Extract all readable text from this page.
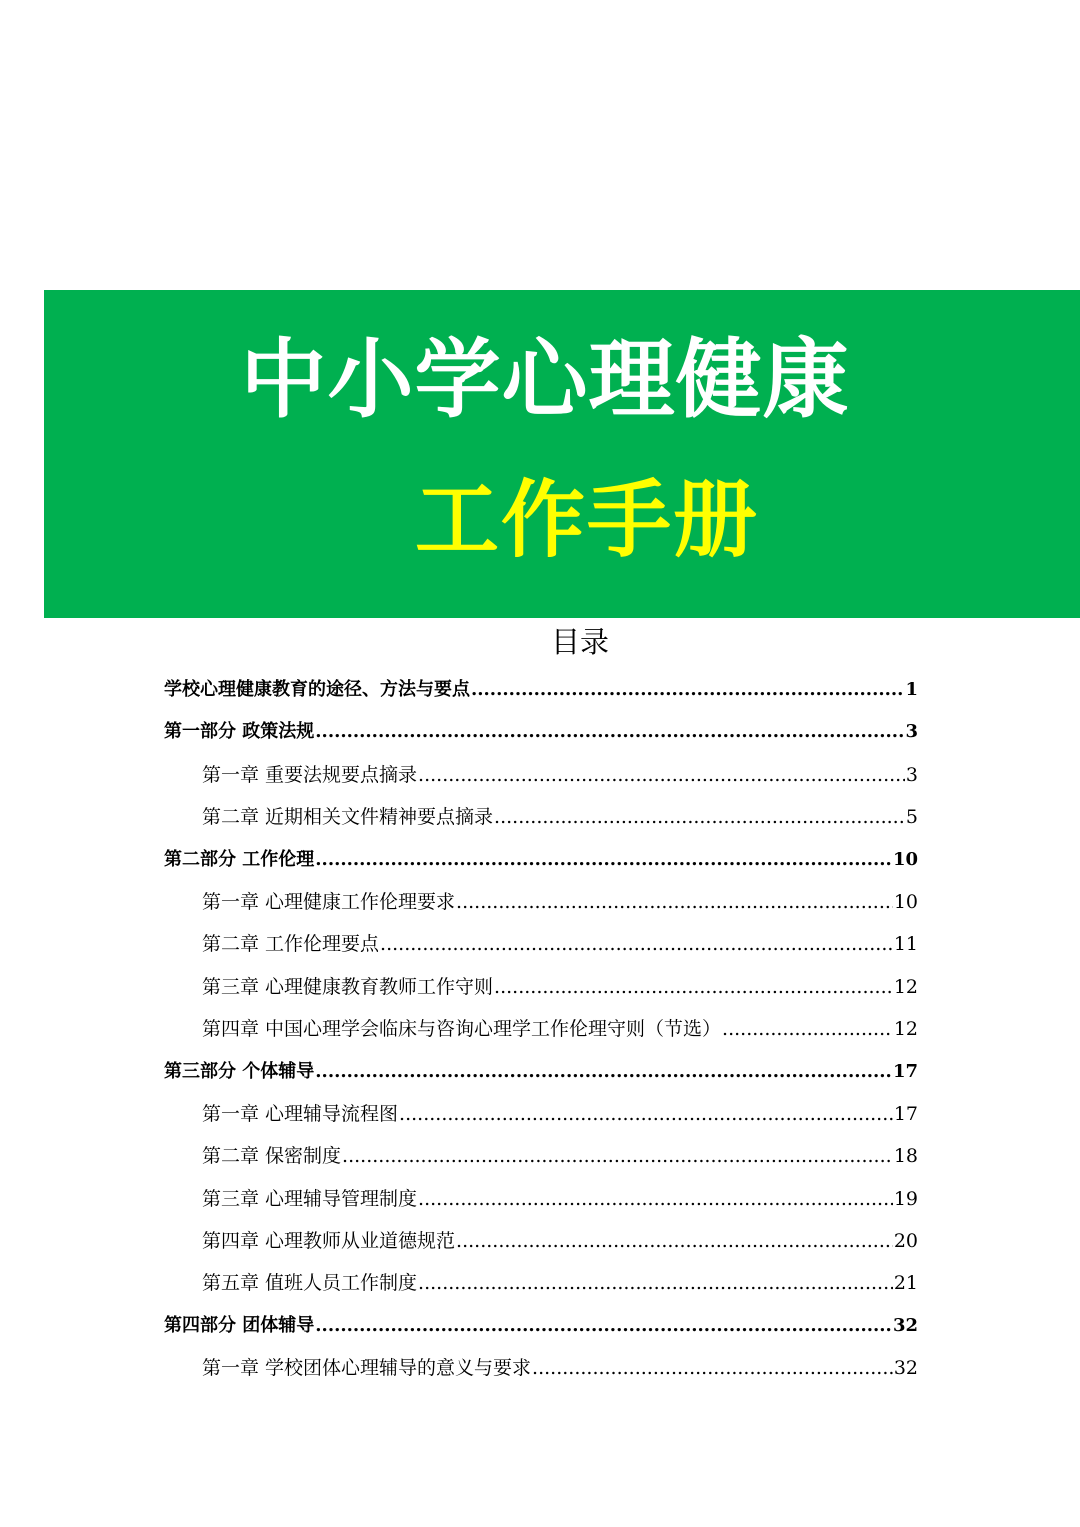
中小学心理健康
工作手册
目录
学校心理健康教育的途径、方法与要点 .....	1
第一部分 政策法规 .....	3
第一章 重要法规要点摘录 .....	3
第二章 近期相关文件精神要点摘录 .....	5
第二部分 工作伦理 .....	10
第一章 心理健康工作伦理要求 .....	10
第二章 工作伦理要点 .....	11
第三章 心理健康教育教师工作守则 .....	12
第四章 中国心理学会临床与咨询心理学工作伦理守则（节选） .....	12
第三部分 个体辅导 .....	17
第一章 心理辅导流程图 .....	17
第二章 保密制度 .....	18
第三章 心理辅导管理制度 .....	19
第四章 心理教师从业道德规范 .....	20
第五章 值班人员工作制度 .....	21
第四部分 团体辅导 .....	32
第一章 学校团体心理辅导的意义与要求 .....	32
